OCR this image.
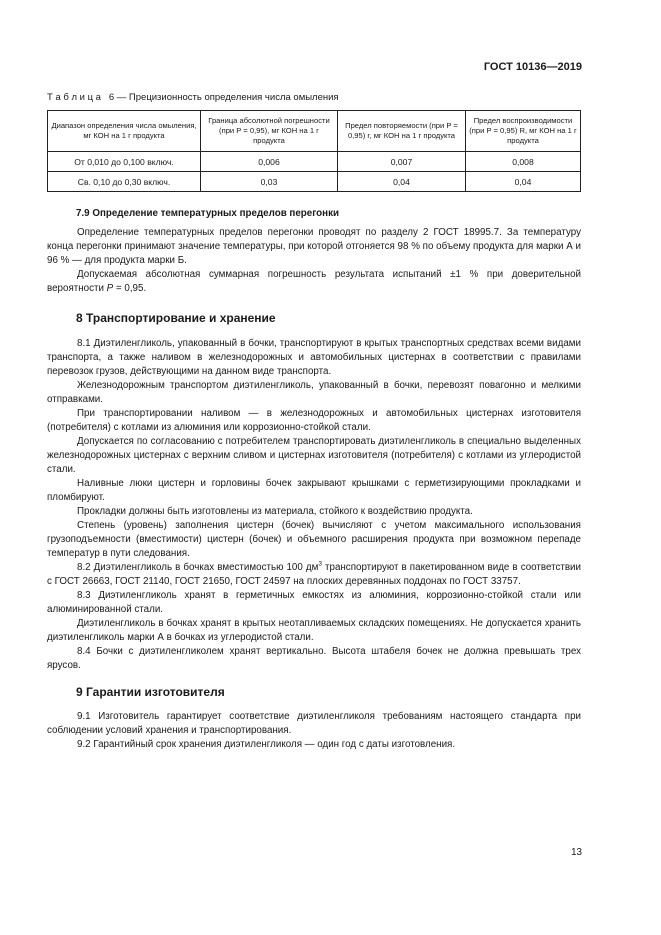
ГОСТ 10136—2019
Т а б л и ц а   6 — Прецизионность определения числа омыления
Диапазон определения числа омыления, мг КОН на 1 г продукта	Граница абсолютной погрешности (при P = 0,95), мг КОН на 1 г продукта	Предел повторяемости (при P = 0,95) r, мг КОН на 1 г продукта	Предел воспроизводимости (при P = 0,95) R, мг КОН на 1 г продукта
От 0,010 до 0,100 включ.	0,006	0,007	0,008
Св. 0,10 до 0,30 включ.	0,03	0,04	0,04
7.9 Определение температурных пределов перегонки

Определение температурных пределов перегонки проводят по разделу 2 ГОСТ 18995.7. За температуру конца перегонки принимают значение температуры, при которой отгоняется 98 % по объему продукта для марки А и 96 % — для продукта марки Б.

Допускаемая абсолютная суммарная погрешность результата испытаний ±1 % при доверительной вероятности P = 0,95.

8 Транспортирование и хранение

8.1 Диэтиленгликоль, упакованный в бочки, транспортируют в крытых транспортных средствах всеми видами транспорта, а также наливом в железнодорожных и автомобильных цистернах в соответствии с правилами перевозок грузов, действующими на данном виде транспорта.

Железнодорожным транспортом диэтиленгликоль, упакованный в бочки, перевозят повагонно и мелкими отправками.

При транспортировании наливом — в железнодорожных и автомобильных цистернах изготовителя (потребителя) с котлами из алюминия или коррозионно-стойкой стали.

Допускается по согласованию с потребителем транспортировать диэтиленгликоль в специально выделенных железнодорожных цистернах с верхним сливом и цистернах изготовителя (потребителя) с котлами из углеродистой стали.

Наливные люки цистерн и горловины бочек закрывают крышками с герметизирующими прокладками и пломбируют.

Прокладки должны быть изготовлены из материала, стойкого к воздействию продукта.

Степень (уровень) заполнения цистерн (бочек) вычисляют с учетом максимального использования грузоподъемности (вместимости) цистерн (бочек) и объемного расширения продукта при возможном перепаде температур в пути следования.

8.2 Диэтиленгликоль в бочках вместимостью 100 $дм^3$ транспортируют в пакетированном виде в соответствии с ГОСТ 26663, ГОСТ 21140, ГОСТ 21650, ГОСТ 24597 на плоских деревянных поддонах по ГОСТ 33757.

8.3 Диэтиленгликоль хранят в герметичных емкостях из алюминия, коррозионно-стойкой стали или алюминированной стали.

Диэтиленгликоль в бочках хранят в крытых неотапливаемых складских помещениях. Не допускается хранить диэтиленгликоль марки А в бочках из углеродистой стали.

8.4 Бочки с диэтиленгликолем хранят вертикально. Высота штабеля бочек не должна превышать трех ярусов.

9 Гарантии изготовителя

9.1 Изготовитель гарантирует соответствие диэтиленгликоля требованиям настоящего стандарта при соблюдении условий хранения и транспортирования.

9.2 Гарантийный срок хранения диэтиленгликоля — один год с даты изготовления.

13
